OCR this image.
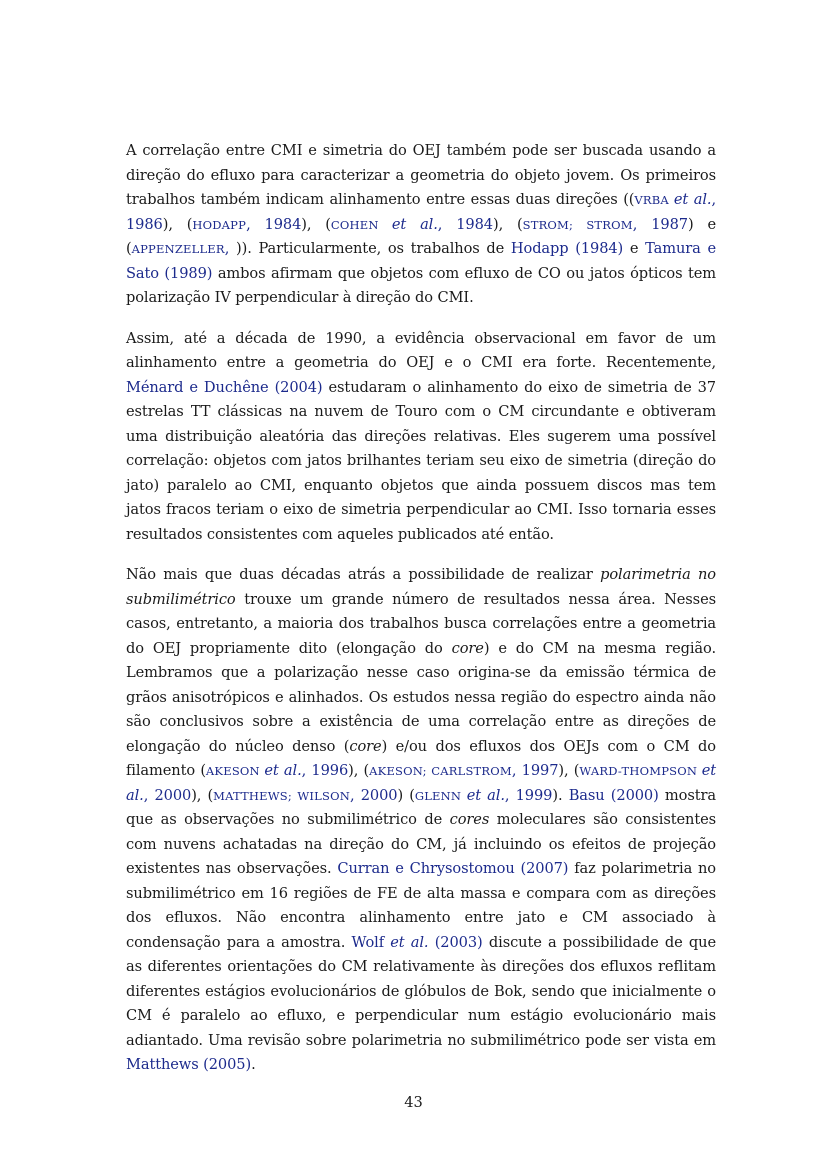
A correlação entre CMI e simetria do OEJ também pode ser buscada usando a direção do efluxo para caracterizar a geometria do objeto jovem. Os primeiros trabalhos também indicam alinhamento entre essas duas direções ((VRBA et al., 1986), (HODAPP, 1984), (COHEN et al., 1984), (STROM; STROM, 1987) e (APPENZELLER, )). Particularmente, os trabalhos de Hodapp (1984) e Tamura e Sato (1989) ambos afirmam que objetos com efluxo de CO ou jatos ópticos tem polarização IV perpendicular à direção do CMI.

Assim, até a década de 1990, a evidência observacional em favor de um alinhamento entre a geometria do OEJ e o CMI era forte. Recentemente, Ménard e Duchêne (2004) estudaram o alinhamento do eixo de simetria de 37 estrelas TT clássicas na nuvem de Touro com o CM circundante e obtiveram uma distribuição aleatória das direções relativas. Eles sugerem uma possível correlação: objetos com jatos brilhantes teriam seu eixo de simetria (direção do jato) paralelo ao CMI, enquanto objetos que ainda possuem discos mas tem jatos fracos teriam o eixo de simetria perpendicular ao CMI. Isso tornaria esses resultados consistentes com aqueles publicados até então.

Não mais que duas décadas atrás a possibilidade de realizar polarimetria no submilimétrico trouxe um grande número de resultados nessa área. Nesses casos, entretanto, a maioria dos trabalhos busca correlações entre a geometria do OEJ propriamente dito (elongação do core) e do CM na mesma região. Lembramos que a polarização nesse caso origina-se da emissão térmica de grãos anisotrópicos e alinhados. Os estudos nessa região do espectro ainda não são conclusivos sobre a existência de uma correlação entre as direções de elongação do núcleo denso (core) e/ou dos efluxos dos OEJs com o CM do filamento (AKESON et al., 1996), (AKESON; CARLSTROM, 1997), (WARD-THOMPSON et al., 2000), (MATTHEWS; WILSON, 2000) (GLENN et al., 1999). Basu (2000) mostra que as observações no submilimétrico de cores moleculares são consistentes com nuvens achatadas na direção do CM, já incluindo os efeitos de projeção existentes nas observações. Curran e Chrysostomou (2007) faz polarimetria no submilimétrico em 16 regiões de FE de alta massa e compara com as direções dos efluxos. Não encontra alinhamento entre jato e CM associado à condensação para a amostra. Wolf et al. (2003) discute a possibilidade de que as diferentes orientações do CM relativamente às direções dos efluxos reflitam diferentes estágios evolucionários de glóbulos de Bok, sendo que inicialmente o CM é paralelo ao efluxo, e perpendicular num estágio evolucionário mais adiantado. Uma revisão sobre polarimetria no submilimétrico pode ser vista em Matthews (2005).

43
